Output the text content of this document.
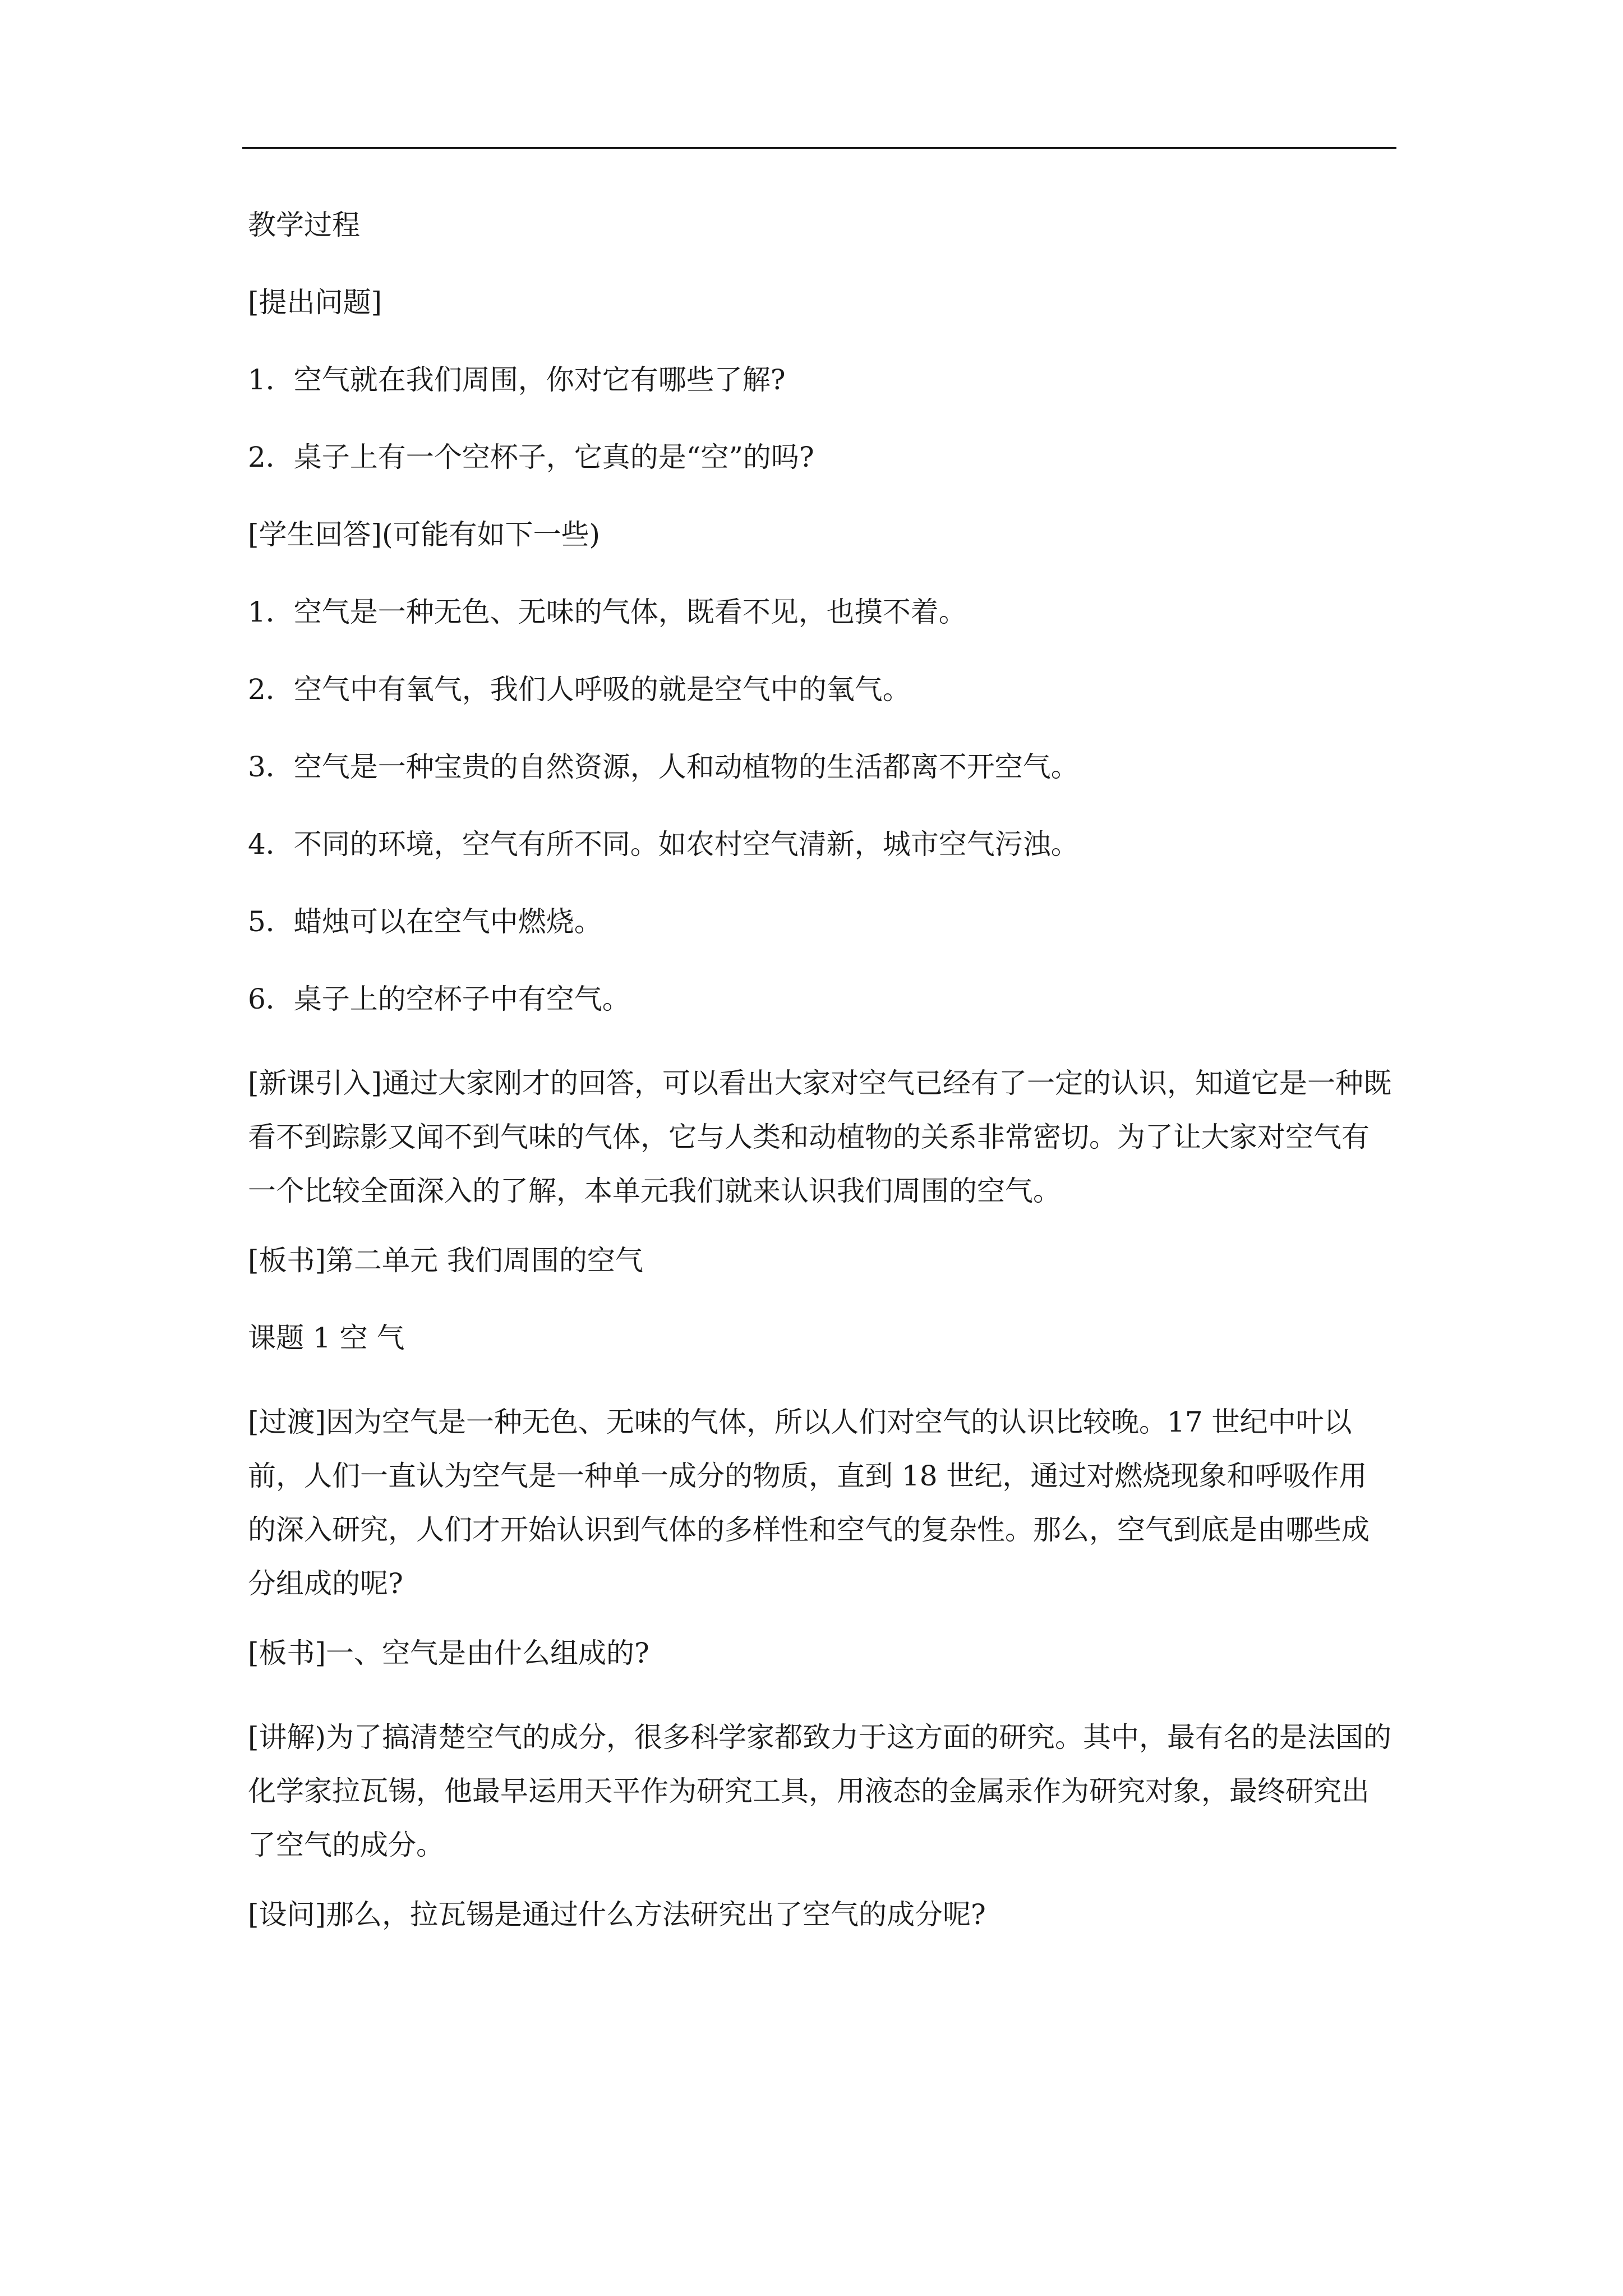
教学过程

[提出问题]

1．空气就在我们周围，你对它有哪些了解?

2．桌子上有一个空杯子，它真的是“空”的吗?

[学生回答](可能有如下一些)

1．空气是一种无色、无味的气体，既看不见，也摸不着。

2．空气中有氧气，我们人呼吸的就是空气中的氧气。

3．空气是一种宝贵的自然资源，人和动植物的生活都离不开空气。

4．不同的环境，空气有所不同。如农村空气清新，城市空气污浊。

5．蜡烛可以在空气中燃烧。

6．桌子上的空杯子中有空气。

[新课引入]通过大家刚才的回答，可以看出大家对空气已经有了一定的认识，知道它是一种既看不到踪影又闻不到气味的气体，它与人类和动植物的关系非常密切。为了让大家对空气有一个比较全面深入的了解，本单元我们就来认识我们周围的空气。

[板书]第二单元 我们周围的空气

课题 1 空 气

[过渡]因为空气是一种无色、无味的气体，所以人们对空气的认识比较晚。17 世纪中叶以前，人们一直认为空气是一种单一成分的物质，直到 18 世纪，通过对燃烧现象和呼吸作用的深入研究，人们才开始认识到气体的多样性和空气的复杂性。那么，空气到底是由哪些成分组成的呢?

[板书]一、空气是由什么组成的?

[讲解)为了搞清楚空气的成分，很多科学家都致力于这方面的研究。其中，最有名的是法国的化学家拉瓦锡，他最早运用天平作为研究工具，用液态的金属汞作为研究对象，最终研究出了空气的成分。

[设问]那么，拉瓦锡是通过什么方法研究出了空气的成分呢?
